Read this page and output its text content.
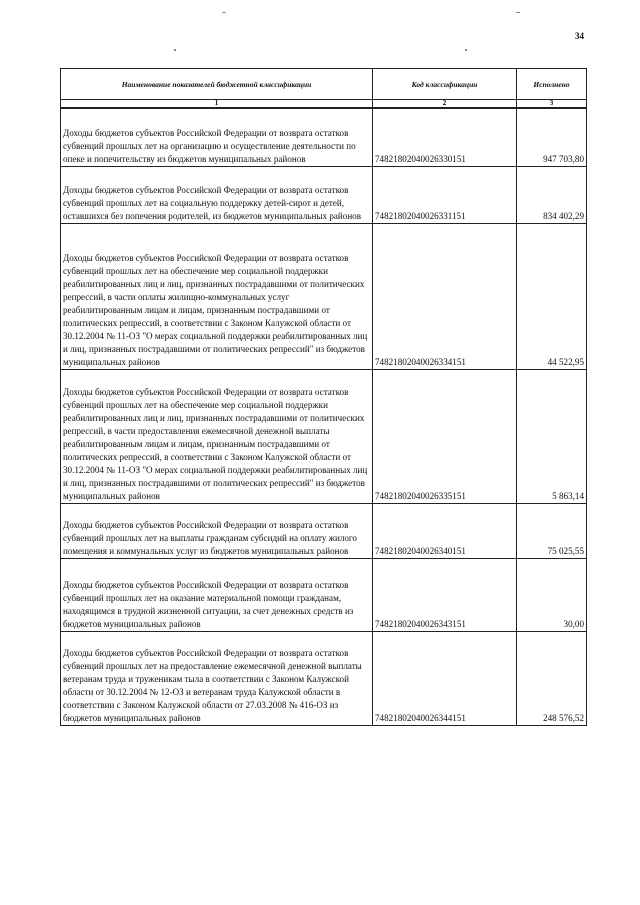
34
Наименование показателей бюджетной классификации	Код классификации	Исполнено
1	2	3
Доходы бюджетов субъектов Российской Федерации от возврата остатков субвенций прошлых лет на организацию и осуществление деятельности по опеке и попечительству из бюджетов муниципальных районов	74821802040026330151	947 703,80
Доходы бюджетов субъектов Российской Федерации от возврата остатков субвенций прошлых лет на социальную поддержку детей-сирот и детей, оставшихся без попечения родителей, из бюджетов муниципальных районов	74821802040026331151	834 402,29
Доходы бюджетов субъектов Российской Федерации от возврата остатков субвенций прошлых лет на обеспечение мер социальной поддержки реабилитированных лиц и лиц, признанных пострадавшими от политических репрессий, в части оплаты жилищно-коммунальных услуг реабилитированным лицам и лицам, признанным пострадавшими от политических репрессий, в соответствии с Законом Калужской области от 30.12.2004 № 11-ОЗ "О мерах социальной поддержки реабилитированных лиц и лиц, признанных пострадавшими от политических репрессий" из бюджетов муниципальных районов	74821802040026334151	44 522,95
Доходы бюджетов субъектов Российской Федерации от возврата остатков субвенций прошлых лет на обеспечение мер социальной поддержки реабилитированных лиц и лиц, признанных пострадавшими от политических репрессий, в части предоставления ежемесячной денежной выплаты реабилитированным лицам и лицам, признанным пострадавшими от политических репрессий, в соответствии с Законом Калужской области от 30.12.2004 № 11-ОЗ "О мерах социальной поддержки реабилитированных лиц и лиц, признанных пострадавшими от политических репрессий" из бюджетов муниципальных районов	74821802040026335151	5 863,14
Доходы бюджетов субъектов Российской Федерации от возврата остатков субвенций прошлых лет на выплаты гражданам субсидий на оплату жилого помещения и коммунальных услуг из бюджетов муниципальных районов	74821802040026340151	75 025,55
Доходы бюджетов субъектов Российской Федерации от возврата остатков субвенций прошлых лет на оказание материальной помощи гражданам, находящимся в трудной жизненной ситуации, за счет денежных средств из бюджетов муниципальных районов	74821802040026343151	30,00
Доходы бюджетов субъектов Российской Федерации от возврата остатков субвенций прошлых лет на предоставление ежемесячной денежной выплаты ветеранам труда и труженикам тыла в соответствии с Законом Калужской области от 30.12.2004 № 12-ОЗ и ветеранам труда Калужской области в соответствии с Законом Калужской области от 27.03.2008 № 416-ОЗ из бюджетов муниципальных районов	74821802040026344151	248 576,52
